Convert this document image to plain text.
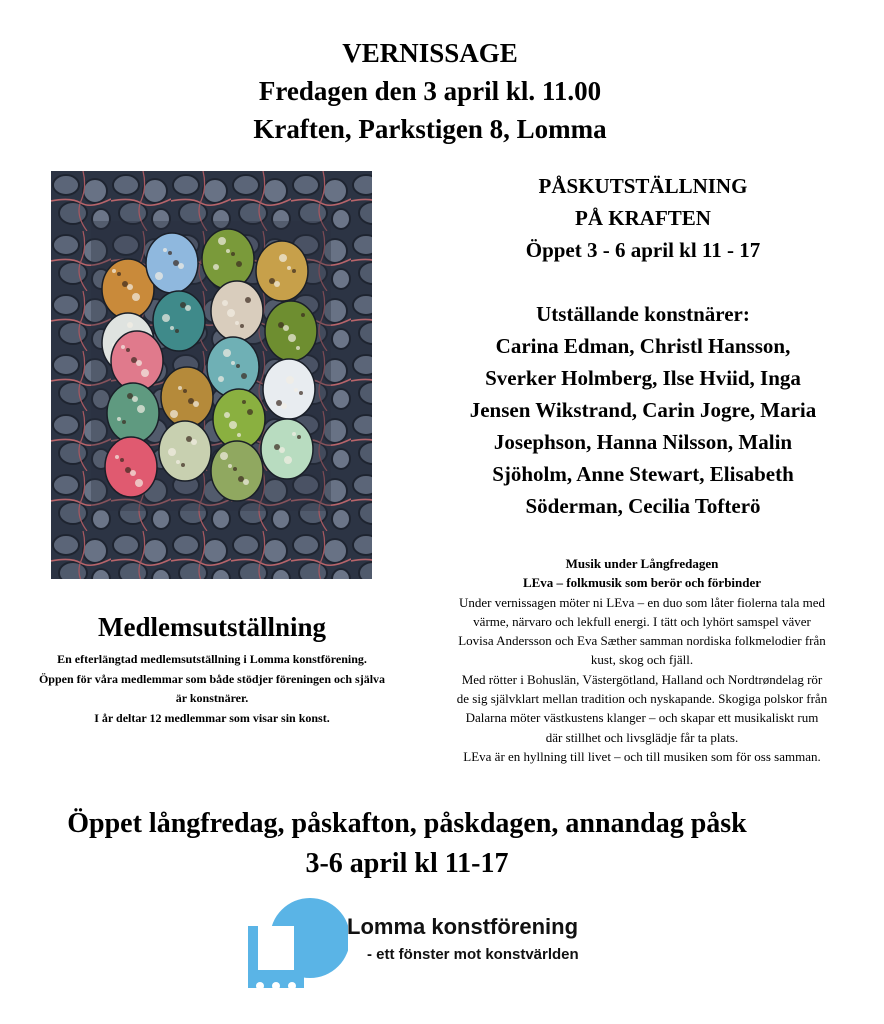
VERNISSAGE
Fredagen den 3 april kl. 11.00
Kraften, Parkstigen 8, Lomma
PÅSKUTSTÄLLNING
PÅ KRAFTEN
Öppet 3 - 6 april kl 11 - 17
Utställande konstnärer:
Carina Edman, Christl Hansson,
Sverker Holmberg, Ilse Hviid, Inga
Jensen Wikstrand, Carin Jogre, Maria
Josephson, Hanna Nilsson, Malin
Sjöholm, Anne Stewart, Elisabeth
Söderman, Cecilia Tofterö
Musik under Långfredagen
LEva – folkmusik som berör och förbinder
Under vernissagen möter ni LEva – en duo som låter fiolerna tala med
värme, närvaro och lekfull energi. I tätt och lyhört samspel väver
Lovisa Andersson och Eva Sæther samman nordiska folkmelodier från
kust, skog och fjäll.
Med rötter i Bohuslän, Västergötland, Halland och Nordtrøndelag rör
de sig självklart mellan tradition och nyskapande. Skogiga polskor från
Dalarna möter västkustens klanger – och skapar ett musikaliskt rum
där stillhet och livsglädje får ta plats.
LEva är en hyllning till livet – och till musiken som för oss samman.
Medlemsutställning
En efterlängtad medlemsutställning i Lomma konstförening.
Öppen för våra medlemmar som både stödjer föreningen och själva
är konstnärer.
I år deltar 12 medlemmar som visar sin konst.
Öppet långfredag, påskafton, påskdagen, annandag påsk
3-6 april kl 11-17
Lomma konstförening
- ett fönster mot konstvärlden
